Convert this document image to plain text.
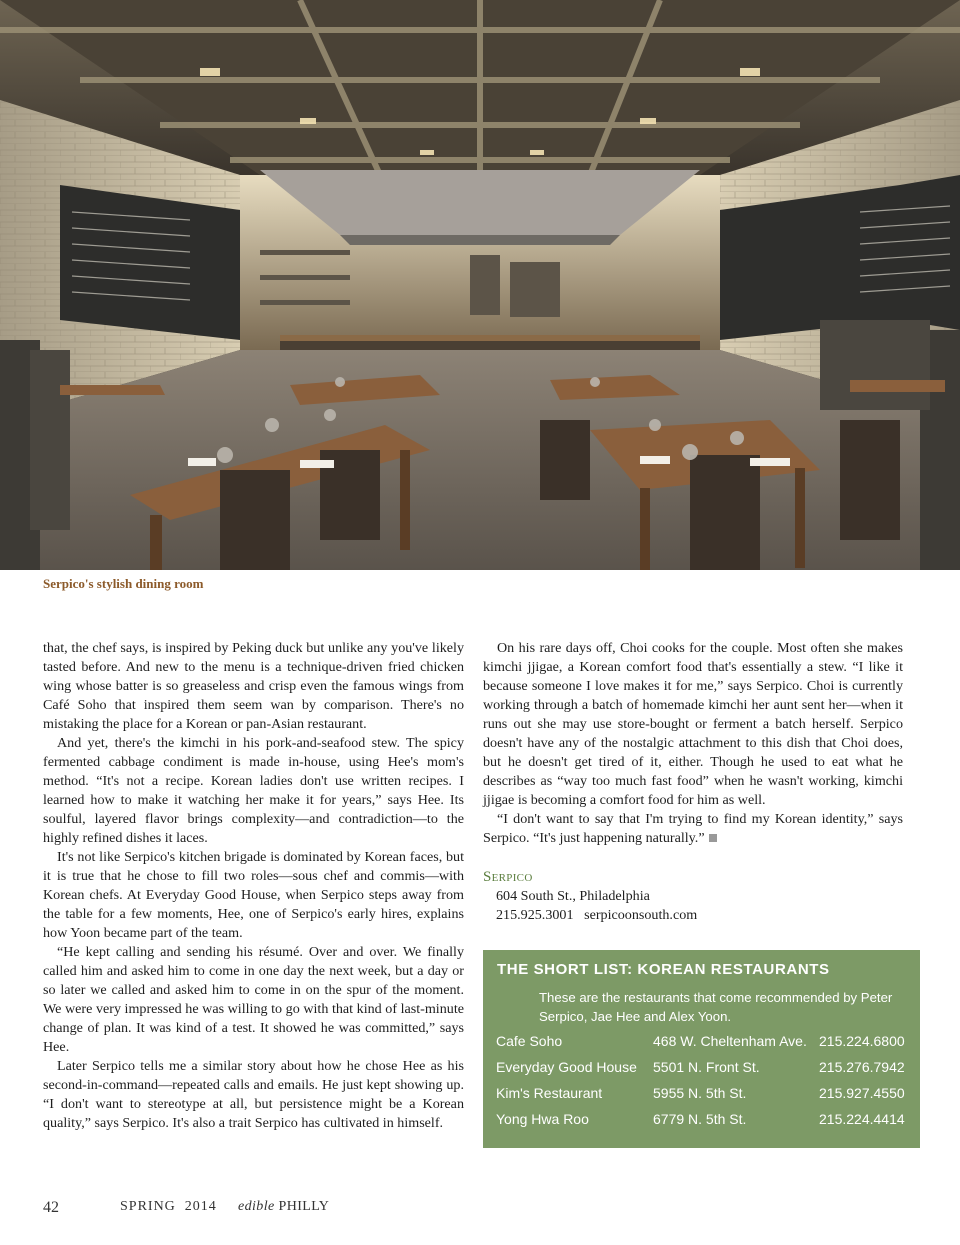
Serpico's stylish dining room

that, the chef says, is inspired by Peking duck but unlike any you've likely tasted before. And new to the menu is a technique-driven fried chicken wing whose batter is so greaseless and crisp even the famous wings from Café Soho that inspired them seem wan by comparison. There's no mistaking the place for a Korean or pan-Asian restaurant.

And yet, there's the kimchi in his pork-and-seafood stew. The spicy fermented cabbage condiment is made in-house, using Hee's mom's method. “It's not a recipe. Korean ladies don't use written recipes. I learned how to make it watching her make it for years,” says Hee. Its soulful, layered flavor brings complexity—and contradiction—to the highly refined dishes it laces.

It's not like Serpico's kitchen brigade is dominated by Korean faces, but it is true that he chose to fill two roles—sous chef and commis—with Korean chefs. At Everyday Good House, when Serpico steps away from the table for a few moments, Hee, one of Serpico's early hires, explains how Yoon became part of the team.

“He kept calling and sending his résumé. Over and over. We finally called him and asked him to come in one day the next week, but a day or so later we called and asked him to come in on the spur of the moment. We were very impressed he was willing to go with that kind of last-minute change of plan. It was kind of a test. It showed he was committed,” says Hee.

Later Serpico tells me a similar story about how he chose Hee as his second-in-command—repeated calls and emails. He just kept showing up. “I don't want to stereotype at all, but persistence might be a Korean quality,” says Serpico. It's also a trait Serpico has cultivated in himself.

On his rare days off, Choi cooks for the couple. Most often she makes kimchi jjigae, a Korean comfort food that's essentially a stew. “I like it because someone I love makes it for me,” says Serpico. Choi is currently working through a batch of homemade kimchi her aunt sent her—when it runs out she may use store-bought or ferment a batch herself. Serpico doesn't have any of the nostalgic attachment to this dish that Choi does, but he doesn't get tired of it, either. Though he used to eat what he describes as “way too much fast food” when he wasn't working, kimchi jjigae is becoming a comfort food for him as well.

“I don't want to say that I'm trying to find my Korean identity,” says Serpico. “It's just happening naturally.”

Serpico
604 South St., Philadelphia
215.925.3001 serpicoonsouth.com
THE SHORT LIST: KOREAN RESTAURANTS
These are the restaurants that come recommended by Peter Serpico, Jae Hee and Alex Yoon.
Cafe Soho	468 W. Cheltenham Ave. 215.224.6800
Everyday Good House 5501 N. Front St.	215.276.7942
Kim's Restaurant	5955 N. 5th St.	215.927.4550
Yong Hwa Roo	6779 N. 5th St.	215.224.4414
42	SPRING  2014 edible PHILLY
